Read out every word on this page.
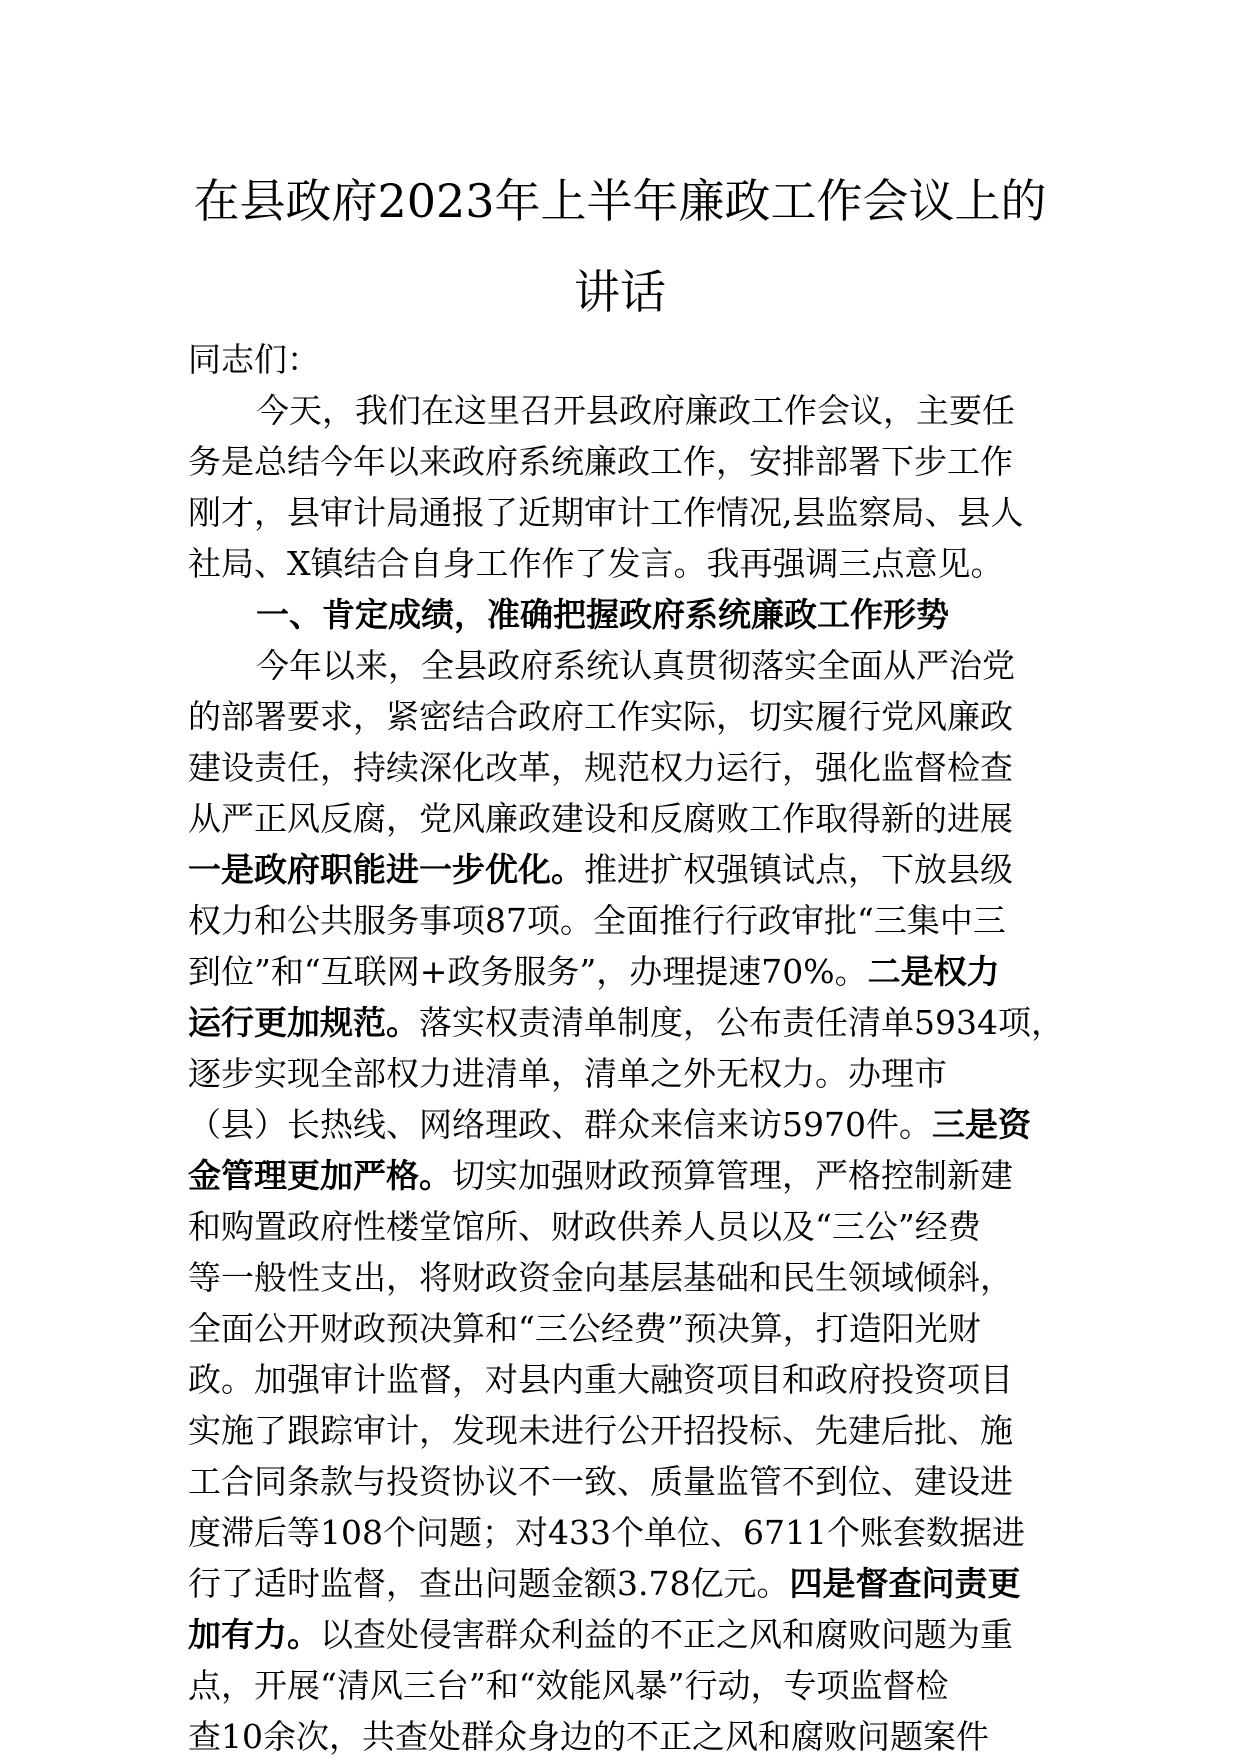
在县政府2023年上半年廉政工作会议上的
讲话
同志们：
今天，我们在这里召开县政府廉政工作会议，主要任
务是总结今年以来政府系统廉政工作，安排部署下步工作
刚才，县审计局通报了近期审计工作情况,县监察局、县人
社局、X镇结合自身工作作了发言。我再强调三点意见。
一、肯定成绩，准确把握政府系统廉政工作形势
今年以来，全县政府系统认真贯彻落实全面从严治党
的部署要求，紧密结合政府工作实际，切实履行党风廉政
建设责任，持续深化改革，规范权力运行，强化监督检查
从严正风反腐，党风廉政建设和反腐败工作取得新的进展
一是政府职能进一步优化。推进扩权强镇试点，下放县级
权力和公共服务事项87项。全面推行行政审批“三集中三
到位”和“互联网+政务服务”，办理提速70%。二是权力
运行更加规范。落实权责清单制度，公布责任清单5934项，
逐步实现全部权力进清单，清单之外无权力。办理市
（县）长热线、网络理政、群众来信来访5970件。三是资
金管理更加严格。切实加强财政预算管理，严格控制新建
和购置政府性楼堂馆所、财政供养人员以及“三公”经费
等一般性支出，将财政资金向基层基础和民生领域倾斜，
全面公开财政预决算和“三公经费”预决算，打造阳光财
政。加强审计监督，对县内重大融资项目和政府投资项目
实施了跟踪审计，发现未进行公开招投标、先建后批、施
工合同条款与投资协议不一致、质量监管不到位、建设进
度滞后等108个问题；对433个单位、6711个账套数据进
行了适时监督，查出问题金额3.78亿元。四是督查问责更
加有力。以查处侵害群众利益的不正之风和腐败问题为重
点，开展“清风三台”和“效能风暴”行动，专项监督检
查10余次，共查处群众身边的不正之风和腐败问题案件
